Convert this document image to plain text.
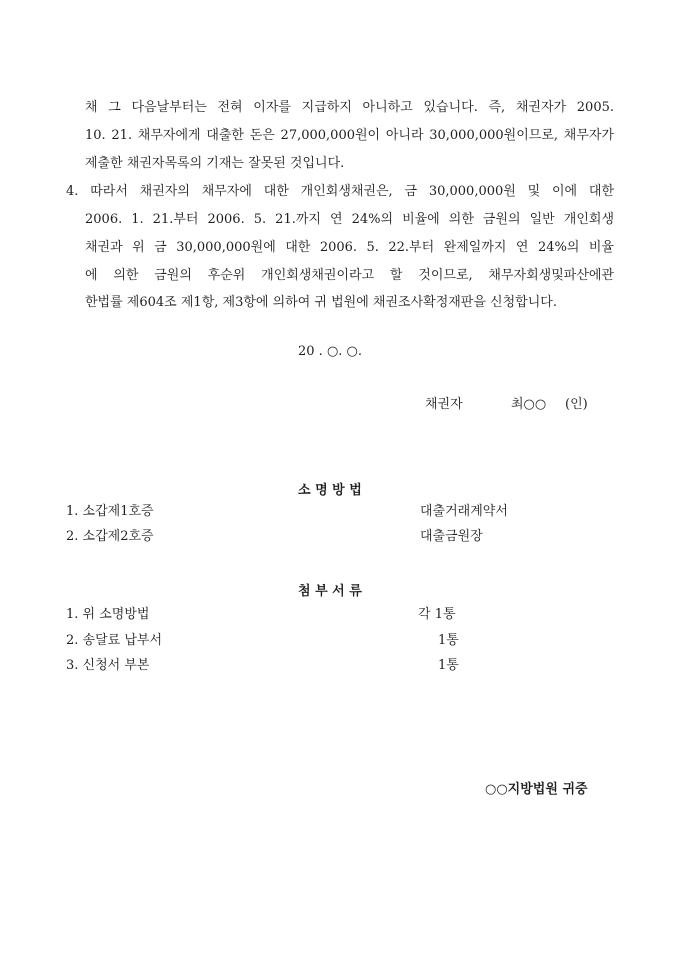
채 그 다음날부터는 전혀 이자를 지급하지 아니하고 있습니다. 즉, 채권자가 2005.
10. 21. 채무자에게 대출한 돈은 27,000,000원이 아니라 30,000,000원이므로, 채무자가
제출한 채권자목록의 기재는 잘못된 것입니다.
4. 따라서 채권자의 채무자에 대한 개인회생채권은, 금 30,000,000원 및 이에 대한
2006. 1. 21.부터 2006. 5. 21.까지 연 24%의 비율에 의한 금원의 일반 개인회생
채권과 위 금 30,000,000원에 대한 2006. 5. 22.부터 완제일까지 연 24%의 비율
에 의한 금원의 후순위 개인회생채권이라고 할 것이므로, 채무자회생및파산에관
한법률 제604조 제1항, 제3항에 의하여 귀 법원에 채권조사확정재판을 신청합니다.
20 . ○. ○.
채권자	최○○ (인)
소 명 방 법
1. 소갑제1호증	대출거래계약서
2. 소갑제2호증	대출금원장
첨 부 서 류
1. 위 소명방법	각 1통
2. 송달료 납부서	1통
3. 신청서 부본	1통
○○지방법원 귀중
